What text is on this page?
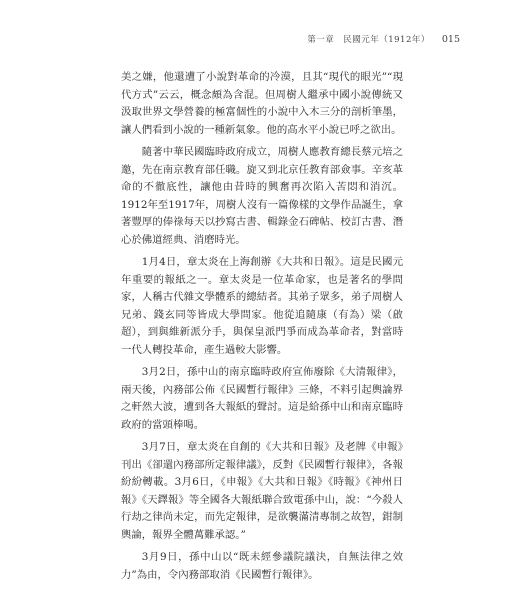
第一章　民國元年（1912年） 015

美之嫌，他還遭了小說對革命的冷漠，且其“現代的眼光”“現代方式”云云，概念頗為含混。但周樹人繼承中國小說傳統又汲取世界文學營養的極富個性的小說中入木三分的剖析筆墨，讓人們看到小說的一種新氣象。他的高水平小說已呼之欲出。

隨著中華民國臨時政府成立，周樹人應教育總長蔡元培之邀，先在南京教育部任職。旋又到北京任教育部僉事。辛亥革命的不徹底性，讓他由昔時的興奮再次陷入苦悶和消沉。1912年至1917年，周樹人沒有一篇像樣的文學作品誕生，拿著豐厚的俸祿每天以抄寫古書、輯錄金石碑帖、校訂古書、潛心於佛道經典、消磨時光。

1月4日，章太炎在上海創辦《大共和日報》。這是民國元年重要的報紙之一。章太炎是一位革命家，也是著名的學問家，人稱古代雜文學體系的總結者。其弟子眾多，弟子周樹人兄弟、錢玄同等皆成大學問家。他從追隨康（有為）梁（啟超），到與維新派分手，與保皇派門爭而成為革命者，對當時一代人轉投革命，產生過較大影響。

3月2日，孫中山的南京臨時政府宣佈廢除《大清報律》，兩天後，內務部公佈《民國暫行報律》三條，不料引起輿論界之軒然大波，遭到各大報紙的聲討。這是給孫中山和南京臨時政府的當頭棒喝。

3月7日，章太炎在自創的《大共和日報》及老牌《申報》刊出《卻還內務部所定報律議》，反對《民國暫行報律》，各報紛紛轉載。3月6日，《申報》《大共和日報》《時報》《神州日報》《天鐸報》等全國各大報紙聯合致電孫中山，說：“今殺人行劫之律尚未定，而先定報律，是欲襲滿清專制之故智，鉗制輿論，報界全體萬難承認。”

3月9日，孫中山以“既未經參議院議決，自無法律之效力”為由，令內務部取消《民國暫行報律》。
